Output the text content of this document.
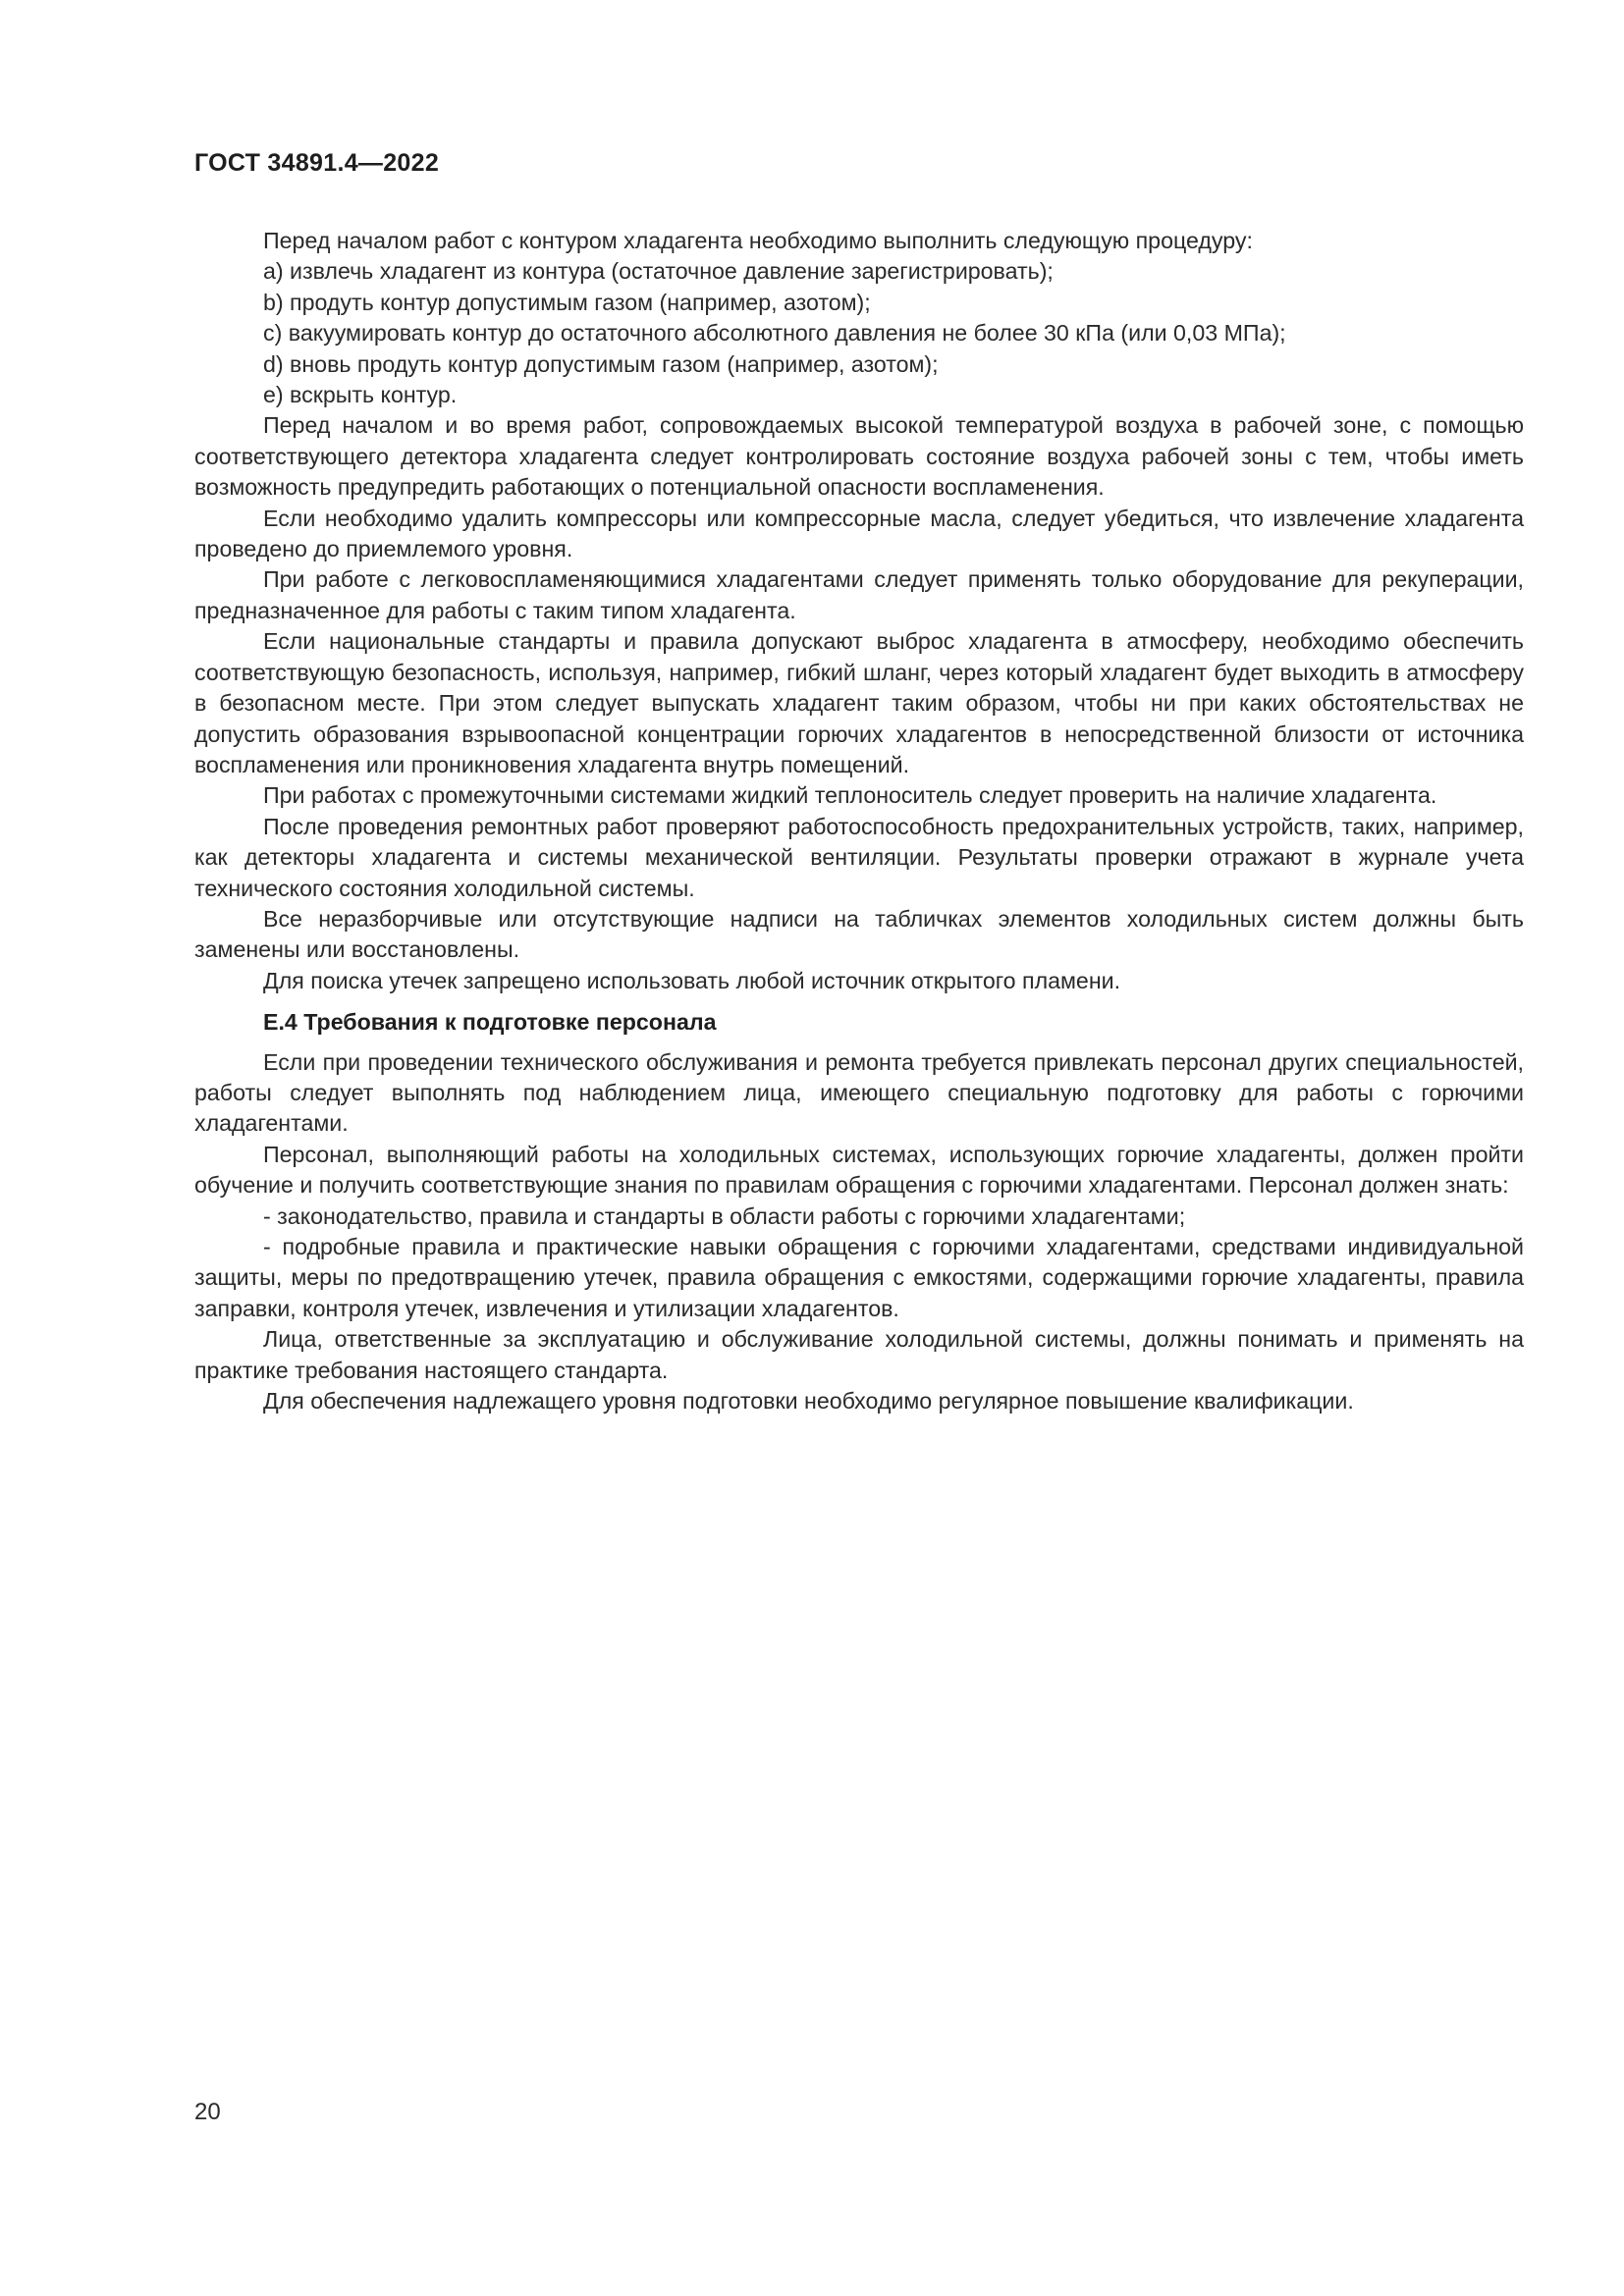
ГОСТ 34891.4—2022

Перед началом работ с контуром хладагента необходимо выполнить следующую процедуру:

a) извлечь хладагент из контура (остаточное давление зарегистрировать);

b) продуть контур допустимым газом (например, азотом);

c) вакуумировать контур до остаточного абсолютного давления не более 30 кПа (или 0,03 МПа);

d) вновь продуть контур допустимым газом (например, азотом);

e) вскрыть контур.

Перед началом и во время работ, сопровождаемых высокой температурой воздуха в рабочей зоне, с помощью соответствующего детектора хладагента следует контролировать состояние воздуха рабочей зоны с тем, чтобы иметь возможность предупредить работающих о потенциальной опасности воспламенения.

Если необходимо удалить компрессоры или компрессорные масла, следует убедиться, что извлечение хладагента проведено до приемлемого уровня.

При работе с легковоспламеняющимися хладагентами следует применять только оборудование для рекуперации, предназначенное для работы с таким типом хладагента.

Если национальные стандарты и правила допускают выброс хладагента в атмосферу, необходимо обеспечить соответствующую безопасность, используя, например, гибкий шланг, через который хладагент будет выходить в атмосферу в безопасном месте. При этом следует выпускать хладагент таким образом, чтобы ни при каких обстоятельствах не допустить образования взрывоопасной концентрации горючих хладагентов в непосредственной близости от источника воспламенения или проникновения хладагента внутрь помещений.

При работах с промежуточными системами жидкий теплоноситель следует проверить на наличие хладагента.

После проведения ремонтных работ проверяют работоспособность предохранительных устройств, таких, например, как детекторы хладагента и системы механической вентиляции. Результаты проверки отражают в журнале учета технического состояния холодильной системы.

Все неразборчивые или отсутствующие надписи на табличках элементов холодильных систем должны быть заменены или восстановлены.

Для поиска утечек запрещено использовать любой источник открытого пламени.

Е.4 Требования к подготовке персонала

Если при проведении технического обслуживания и ремонта требуется привлекать персонал других специальностей, работы следует выполнять под наблюдением лица, имеющего специальную подготовку для работы с горючими хладагентами.

Персонал, выполняющий работы на холодильных системах, использующих горючие хладагенты, должен пройти обучение и получить соответствующие знания по правилам обращения с горючими хладагентами. Персонал должен знать:

- законодательство, правила и стандарты в области работы с горючими хладагентами;

- подробные правила и практические навыки обращения с горючими хладагентами, средствами индивидуальной защиты, меры по предотвращению утечек, правила обращения с емкостями, содержащими горючие хладагенты, правила заправки, контроля утечек, извлечения и утилизации хладагентов.

Лица, ответственные за эксплуатацию и обслуживание холодильной системы, должны понимать и применять на практике требования настоящего стандарта.

Для обеспечения надлежащего уровня подготовки необходимо регулярное повышение квалификации.

20
